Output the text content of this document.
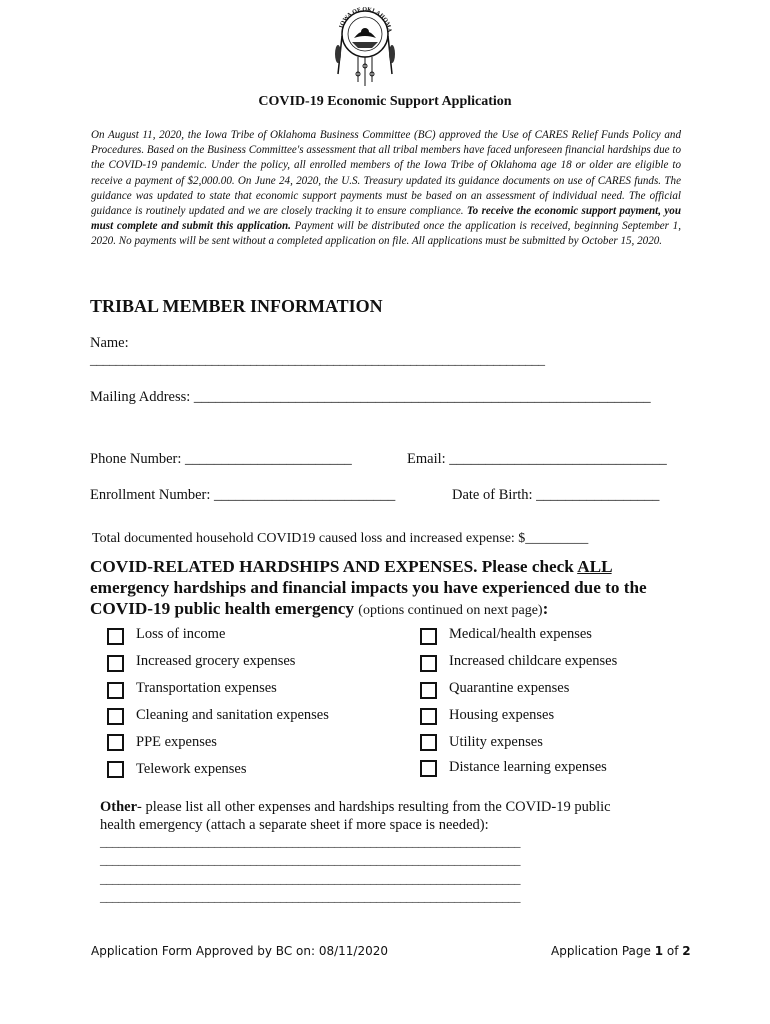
IOWA OF OKLAHOMA
COVID-19 Economic Support Application
On August 11, 2020, the Iowa Tribe of Oklahoma Business Committee (BC) approved the Use of CARES Relief Funds Policy and Procedures. Based on the Business Committee's assessment that all tribal members have faced unforeseen financial hardships due to the COVID-19 pandemic. Under the policy, all enrolled members of the Iowa Tribe of Oklahoma age 18 or older are eligible to receive a payment of $2,000.00. On June 24, 2020, the U.S. Treasury updated its guidance documents on use of CARES funds. The guidance was updated to state that economic support payments must be based on an assessment of individual need. The official guidance is routinely updated and we are closely tracking it to ensure compliance. To receive the economic support payment, you must complete and submit this application. Payment will be distributed once the application is received, beginning September 1, 2020. No payments will be sent without a completed application on file. All applications must be submitted by October 15, 2020.
TRIBAL MEMBER INFORMATION
Name:
_______________________________________________________________________
Mailing Address: _______________________________________________________________
Phone Number: _______________________	Email: ______________________________
Enrollment Number: _________________________	Date of Birth: _________________
Total documented household COVID19 caused loss and increased expense: $_________
COVID-RELATED HARDSHIPS AND EXPENSES. Please check ALL emergency hardships and financial impacts you have experienced due to the COVID-19 public health emergency (options continued on next page):
Loss of income
Increased grocery expenses
Transportation expenses
Cleaning and sanitation expenses
PPE expenses
Telework expenses
Medical/health expenses
Increased childcare expenses
Quarantine expenses
Housing expenses
Utility expenses
Distance learning expenses
Other- please list all other expenses and hardships resulting from the COVID-19 public
health emergency (attach a separate sheet if more space is needed):
______________________________________________________________________
______________________________________________________________________
______________________________________________________________________
______________________________________________________________________
Application Form Approved by BC on: 08/11/2020	Application Page 1 of 2
